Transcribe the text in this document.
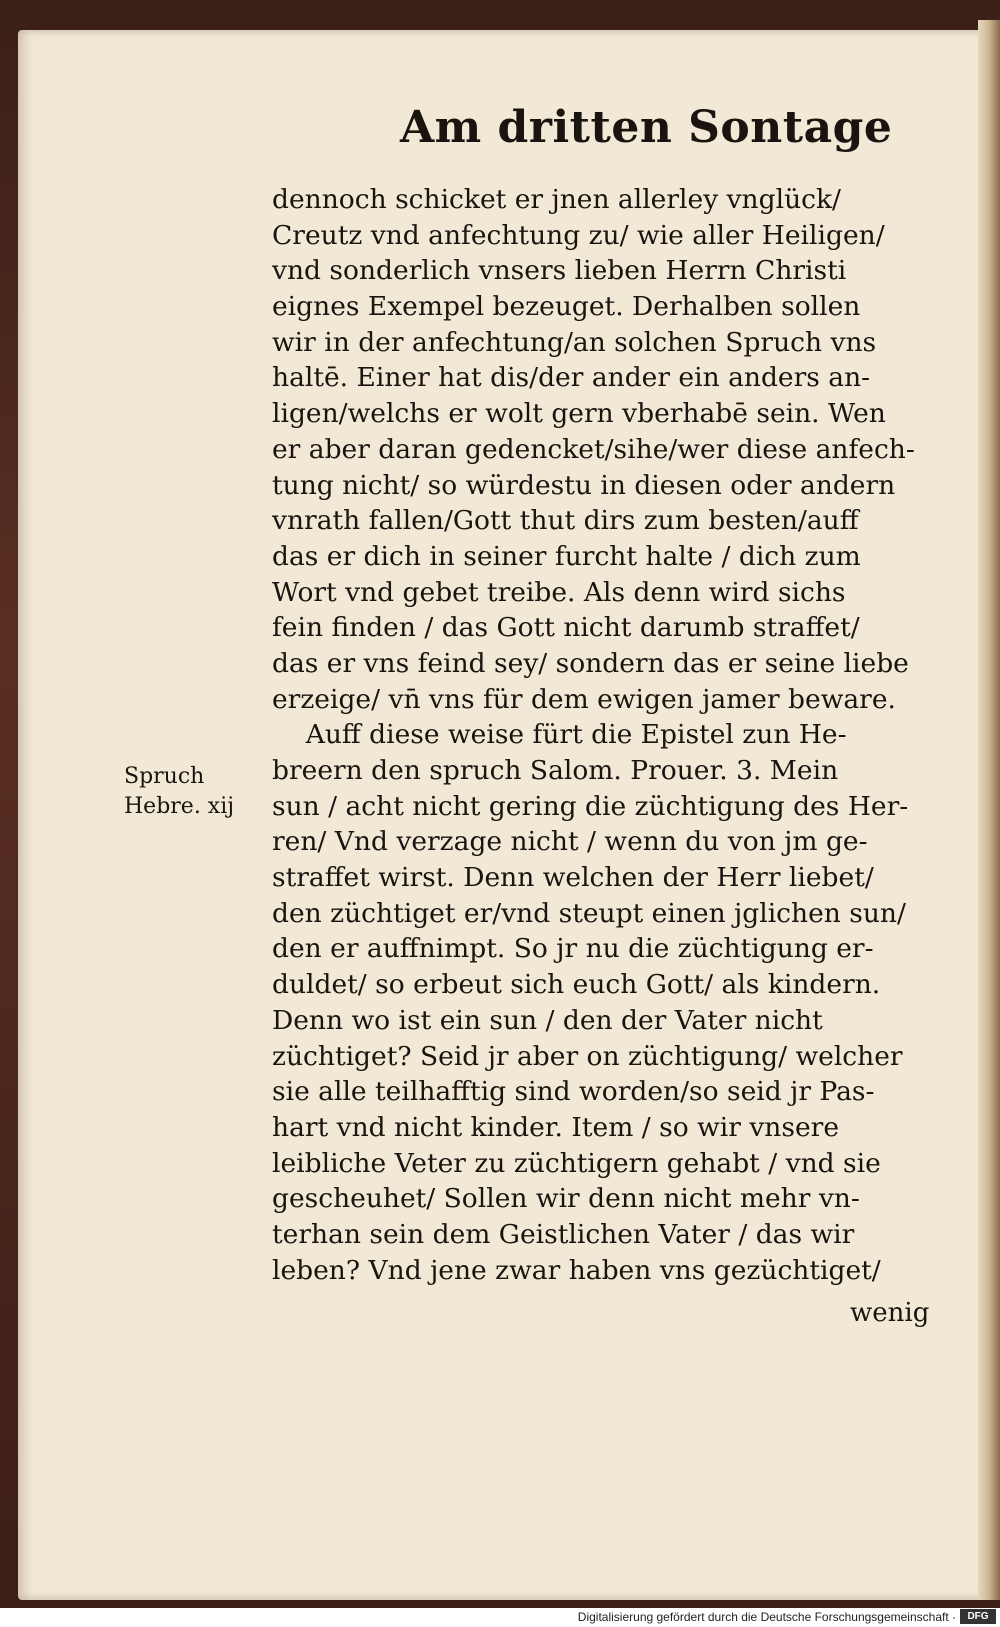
Am dritten Sontage
dennoch schicket er jnen allerley vnglück/
Creutz vnd anfechtung zu/ wie aller Heiligen/
vnd sonderlich vnsers lieben Herrn Christi
eignes Exempel bezeuget. Derhalben sollen
wir in der anfechtung/an solchen Spruch vns
haltē. Einer hat dis/der ander ein anders an-
ligen/welchs er wolt gern vberhabē sein. Wen
er aber daran gedencket/sihe/wer diese anfech-
tung nicht/ so würdestu in diesen oder andern
vnrath fallen/Gott thut dirs zum besten/auff
das er dich in seiner furcht halte / dich zum
Wort vnd gebet treibe. Als denn wird sichs
fein finden / das Gott nicht darumb straffet/
das er vns feind sey/ sondern das er seine liebe
erzeige/ vn̄ vns für dem ewigen jamer beware.
Auff diese weise fürt die Epistel zun He-
breern den spruch Salom. Prouer. 3. Mein
sun / acht nicht gering die züchtigung des Her-
ren/ Vnd verzage nicht / wenn du von jm ge-
straffet wirst. Denn welchen der Herr liebet/
den züchtiget er/vnd steupt einen jglichen sun/
den er auffnimpt. So jr nu die züchtigung er-
duldet/ so erbeut sich euch Gott/ als kindern.
Denn wo ist ein sun / den der Vater nicht
züchtiget? Seid jr aber on züchtigung/ welcher
sie alle teilhafftig sind worden/so seid jr Pas-
hart vnd nicht kinder. Item / so wir vnsere
leibliche Veter zu züchtigern gehabt / vnd sie
gescheuhet/ Sollen wir denn nicht mehr vn-
terhan sein dem Geistlichen Vater / das wir
leben? Vnd jene zwar haben vns gezüchtiget/
wenig
Spruch
Hebre. xij
Digitalisierung gefördert durch die Deutsche Forschungsgemeinschaft ·	DFG
